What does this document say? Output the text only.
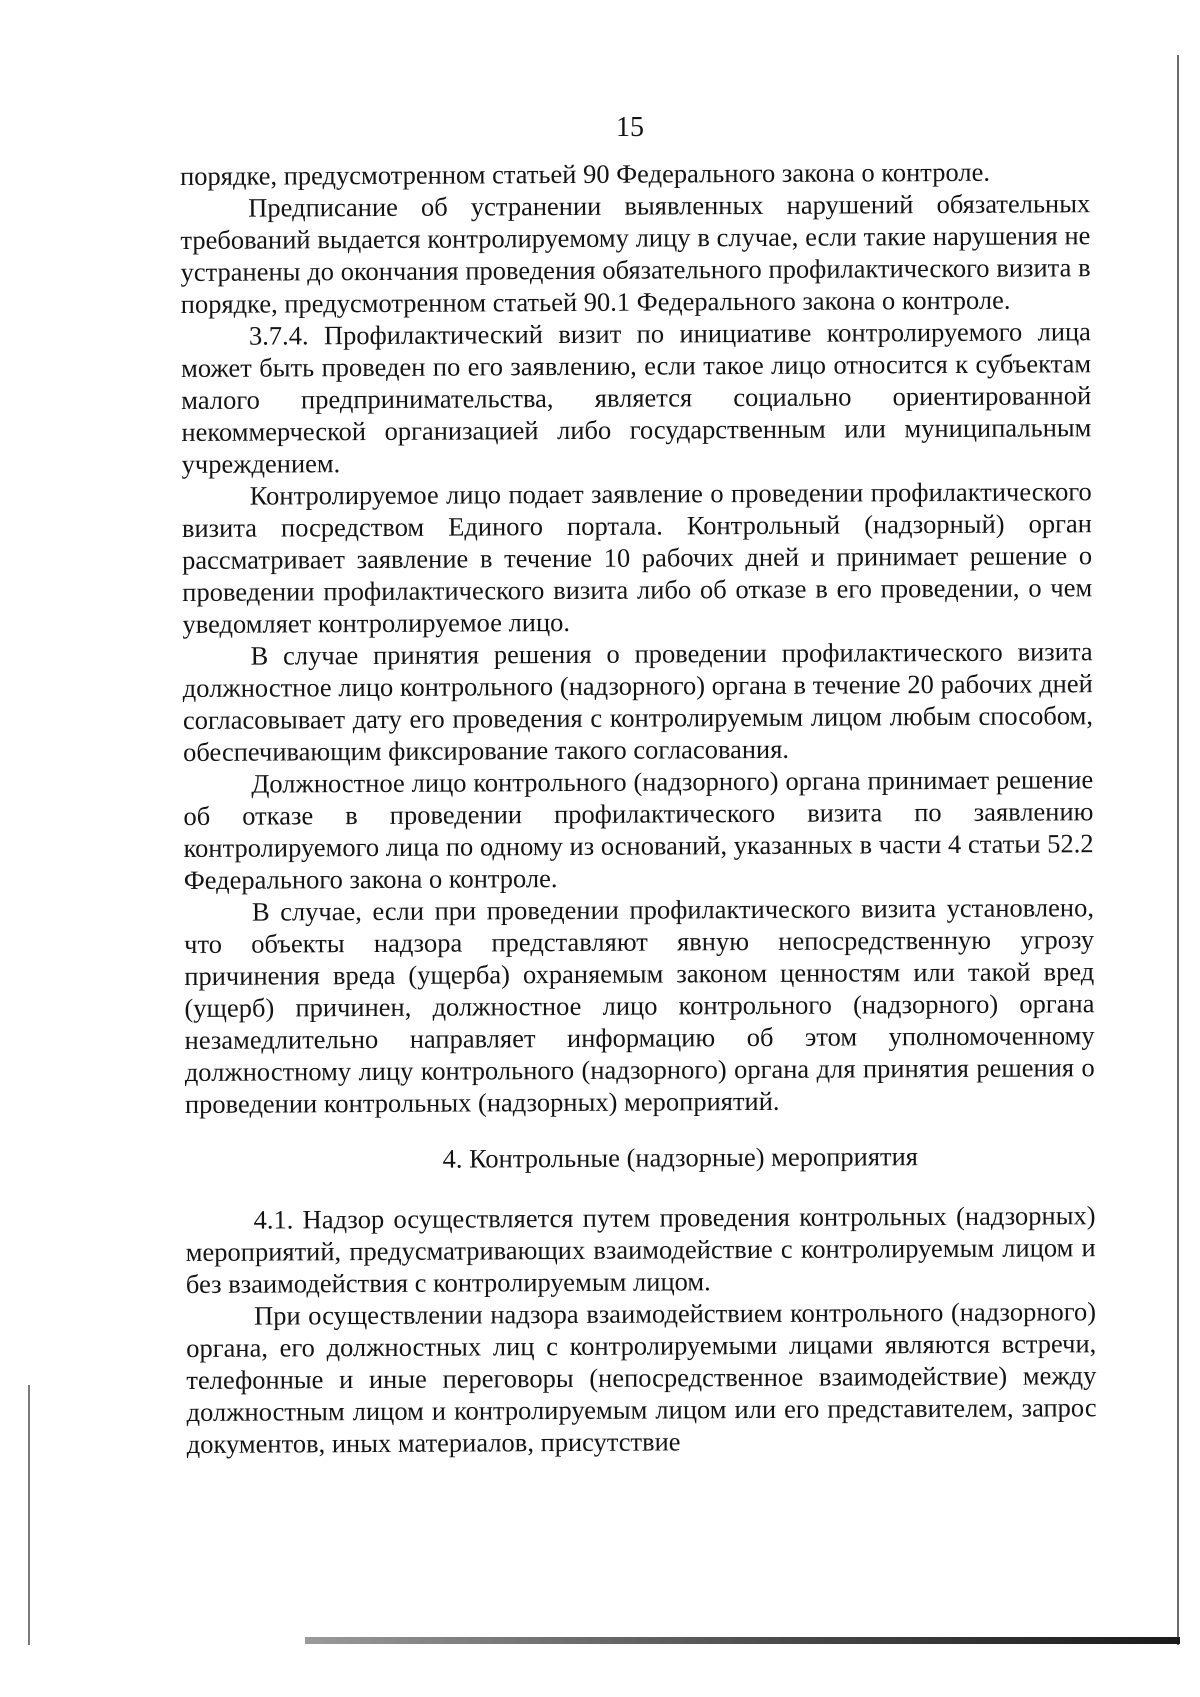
15

порядке, предусмотренном статьей 90 Федерального закона о контроле.

Предписание об устранении выявленных нарушений обязательных требований выдается контролируемому лицу в случае, если такие нарушения не устранены до окончания проведения обязательного профилактического визита в порядке, предусмотренном статьей 90.1 Федерального закона о контроле.

3.7.4. Профилактический визит по инициативе контролируемого лица может быть проведен по его заявлению, если такое лицо относится к субъектам малого предпринимательства, является социально ориентированной некоммерческой организацией либо государственным или муниципальным учреждением.

Контролируемое лицо подает заявление о проведении профилактического визита посредством Единого портала. Контрольный (надзорный) орган рассматривает заявление в течение 10 рабочих дней и принимает решение о проведении профилактического визита либо об отказе в его проведении, о чем уведомляет контролируемое лицо.

В случае принятия решения о проведении профилактического визита должностное лицо контрольного (надзорного) органа в течение 20 рабочих дней согласовывает дату его проведения с контролируемым лицом любым способом, обеспечивающим фиксирование такого согласования.

Должностное лицо контрольного (надзорного) органа принимает решение об отказе в проведении профилактического визита по заявлению контролируемого лица по одному из оснований, указанных в части 4 статьи 52.2 Федерального закона о контроле.

В случае, если при проведении профилактического визита установлено, что объекты надзора представляют явную непосредственную угрозу причинения вреда (ущерба) охраняемым законом ценностям или такой вред (ущерб) причинен, должностное лицо контрольного (надзорного) органа незамедлительно направляет информацию об этом уполномоченному должностному лицу контрольного (надзорного) органа для принятия решения о проведении контрольных (надзорных) мероприятий.

4. Контрольные (надзорные) мероприятия

4.1. Надзор осуществляется путем проведения контрольных (надзорных) мероприятий, предусматривающих взаимодействие с контролируемым лицом и без взаимодействия с контролируемым лицом.

При осуществлении надзора взаимодействием контрольного (надзорного) органа, его должностных лиц с контролируемыми лицами являются встречи, телефонные и иные переговоры (непосредственное взаимодействие) между должностным лицом и контролируемым лицом или его представителем, запрос документов, иных материалов, присутствие
